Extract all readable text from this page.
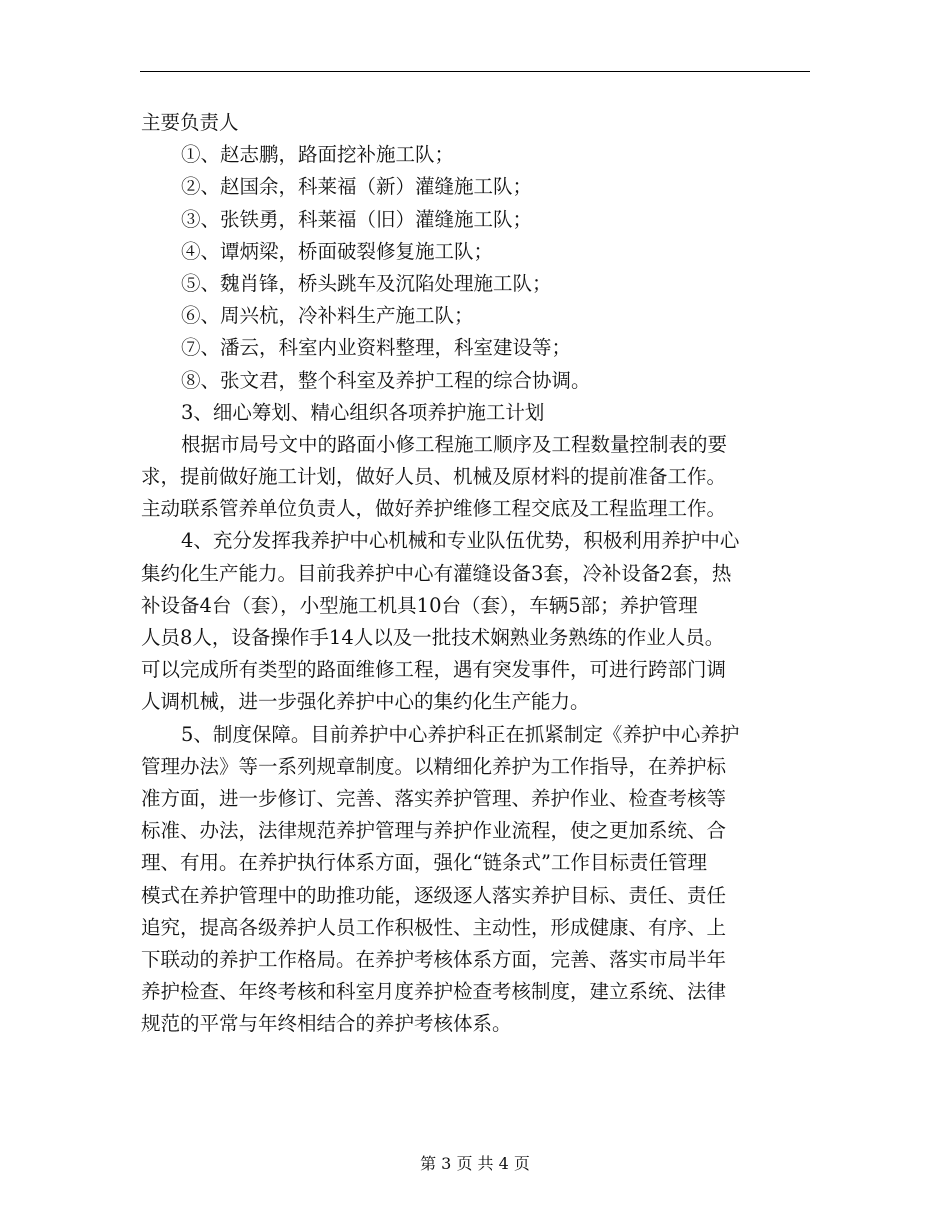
主要负责人
①、赵志鹏，路面挖补施工队；
②、赵国余，科莱福（新）灌缝施工队；
③、张铁勇，科莱福（旧）灌缝施工队；
④、谭炳梁，桥面破裂修复施工队；
⑤、魏肖锋，桥头跳车及沉陷处理施工队；
⑥、周兴杭，冷补料生产施工队；
⑦、潘云，科室内业资料整理，科室建设等；
⑧、张文君，整个科室及养护工程的综合协调。
3、细心筹划、精心组织各项养护施工计划
根据市局号文中的路面小修工程施工顺序及工程数量控制表的要
求，提前做好施工计划，做好人员、机械及原材料的提前准备工作。
主动联系管养单位负责人，做好养护维修工程交底及工程监理工作。
4、充分发挥我养护中心机械和专业队伍优势，积极利用养护中心
集约化生产能力。目前我养护中心有灌缝设备3套，冷补设备2套，热
补设备4台（套），小型施工机具10台（套），车辆5部；养护管理
人员8人，设备操作手14人以及一批技术娴熟业务熟练的作业人员。
可以完成所有类型的路面维修工程，遇有突发事件，可进行跨部门调
人调机械，进一步强化养护中心的集约化生产能力。
5、制度保障。目前养护中心养护科正在抓紧制定《养护中心养护
管理办法》等一系列规章制度。以精细化养护为工作指导，在养护标
准方面，进一步修订、完善、落实养护管理、养护作业、检查考核等
标准、办法，法律规范养护管理与养护作业流程，使之更加系统、合
理、有用。在养护执行体系方面，强化“链条式”工作目标责任管理
模式在养护管理中的助推功能，逐级逐人落实养护目标、责任、责任
追究，提高各级养护人员工作积极性、主动性，形成健康、有序、上
下联动的养护工作格局。在养护考核体系方面，完善、落实市局半年
养护检查、年终考核和科室月度养护检查考核制度，建立系统、法律
规范的平常与年终相结合的养护考核体系。
第 3 页 共 4 页
